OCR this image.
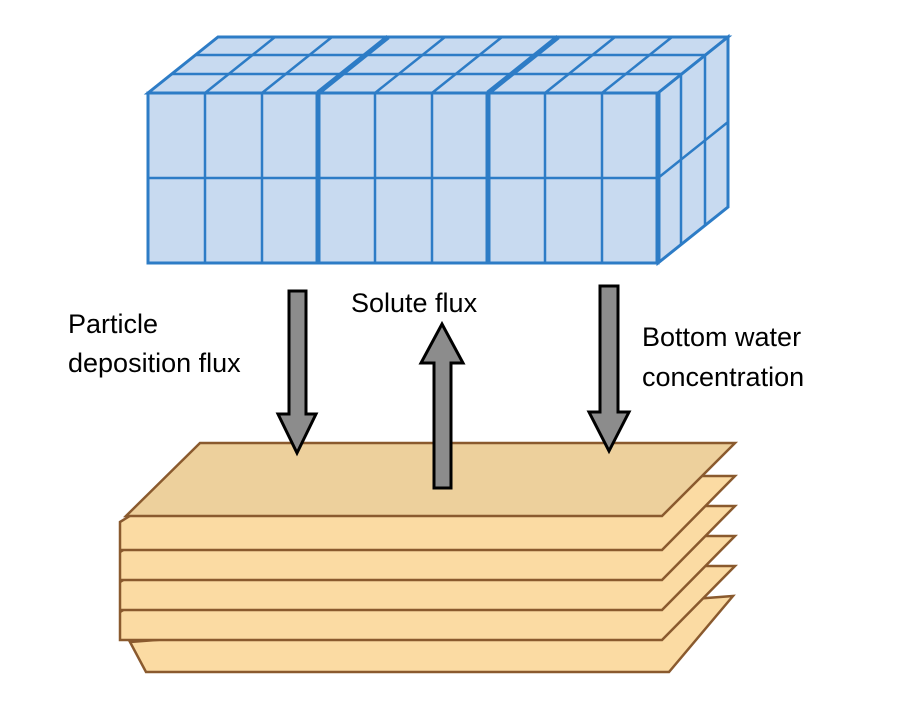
Particle
deposition flux
Solute flux
Bottom water
concentration
